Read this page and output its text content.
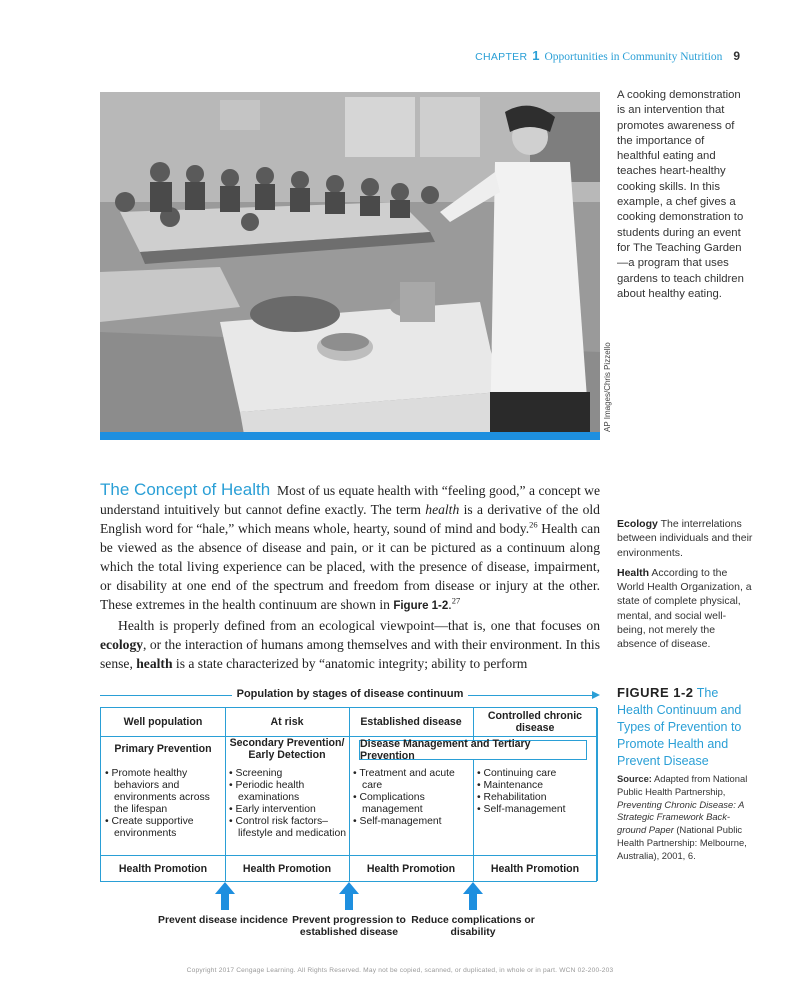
CHAPTER 1 Opportunities in Community Nutrition 9
AP Images/Chris Pizzello
A cooking demonstration is an intervention that promotes awareness of the importance of healthful eating and teaches heart-healthy cooking skills. In this example, a chef gives a cooking demonstration to students during an event for The Teaching Garden—a program that uses gardens to teach children about healthy eating.

The Concept of Health Most of us equate health with “feeling good,” a concept we understand intuitively but cannot define exactly. The term health is a derivative of the old English word for “hale,” which means whole, hearty, sound of mind and body.$^{26}$ Health can be viewed as the absence of disease and pain, or it can be pictured as a continuum along which the total living experience can be placed, with the presence of disease, impairment, or disability at one end of the spectrum and freedom from disease or injury at the other. These extremes in the health continuum are shown in Figure 1-2.27

Health is properly defined from an ecological viewpoint—that is, one that focuses on ecology, or the interaction of humans among themselves and with their environment. In this sense, health is a state characterized by “anatomic integrity; ability to perform

Ecology The interrelations between individuals and their environments.
Health According to the World Health Organization, a state of complete physical, mental, and social well-being, not merely the absence of disease.
FIGURE 1-2 The Health Continuum and Types of Prevention to Promote Health and Prevent Disease
Source: Adapted from National Public Health Partnership, Preventing Chronic Disease: A Strategic Framework Back-ground Paper (National Public Health Partnership: Melbourne, Australia), 2001, 6.
Population by stages of disease continuum
Well population
Primary Prevention
• Promote healthy behaviors and environments across the lifespan
• Create supportive environments
Health Promotion
At risk
Secondary Prevention/ Early Detection
• Screening
• Periodic health examinations
• Early intervention
• Control risk factors–lifestyle and medication
Health Promotion
Established disease
• Treatment and acute care
• Complications management
• Self-management
Health Promotion
Controlled chronic disease
• Continuing care
• Maintenance
• Rehabilitation
• Self-management
Health Promotion
Disease Management and Tertiary Prevention
Prevent disease incidence Prevent progression to established disease
Reduce complications or disability
Copyright 2017 Cengage Learning. All Rights Reserved. May not be copied, scanned, or duplicated, in whole or in part. WCN 02-200-203
